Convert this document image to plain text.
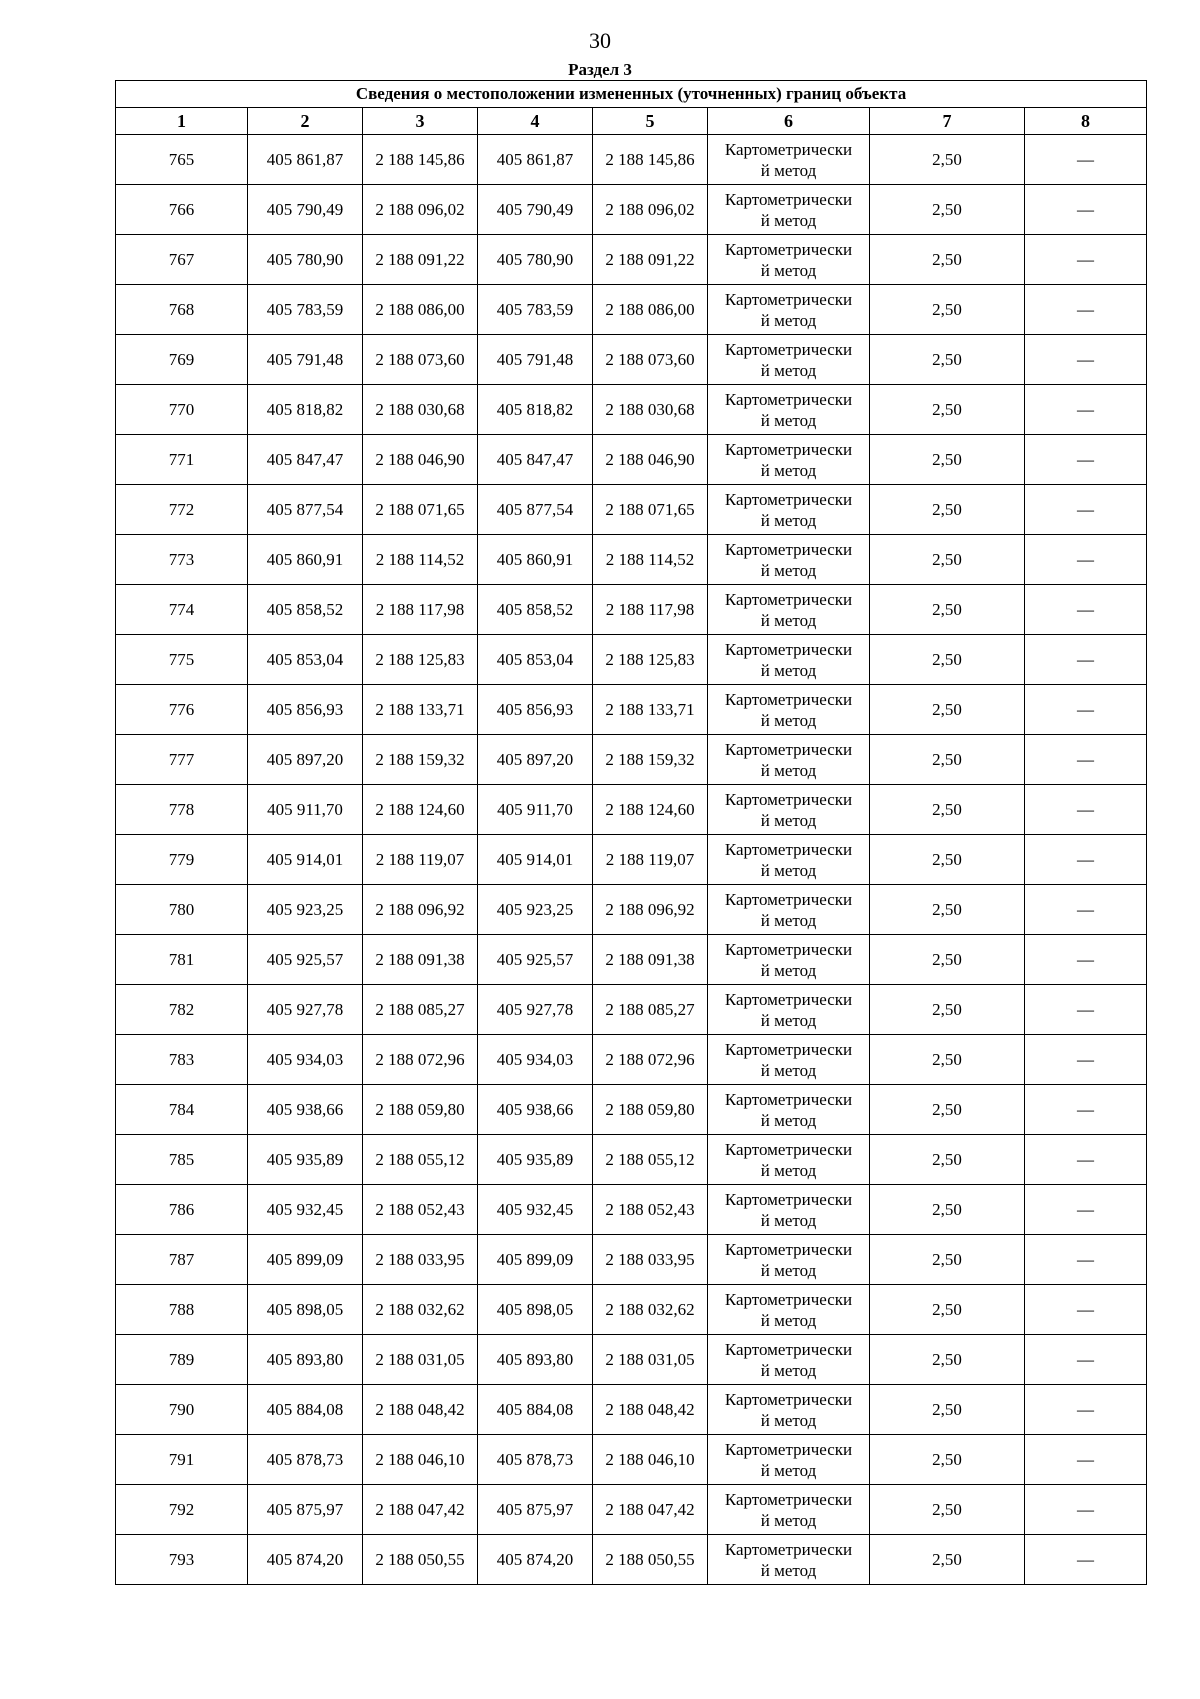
30
Раздел 3
Сведения о местоположении измененных (уточненных) границ объекта							
1	2	3	4	5	6	7	8
765	405 861,87	2 188 145,86	405 861,87	2 188 145,86	Картометрически
й метод	2,50	—
766	405 790,49	2 188 096,02	405 790,49	2 188 096,02	Картометрически
й метод	2,50	—
767	405 780,90	2 188 091,22	405 780,90	2 188 091,22	Картометрически
й метод	2,50	—
768	405 783,59	2 188 086,00	405 783,59	2 188 086,00	Картометрически
й метод	2,50	—
769	405 791,48	2 188 073,60	405 791,48	2 188 073,60	Картометрически
й метод	2,50	—
770	405 818,82	2 188 030,68	405 818,82	2 188 030,68	Картометрически
й метод	2,50	—
771	405 847,47	2 188 046,90	405 847,47	2 188 046,90	Картометрически
й метод	2,50	—
772	405 877,54	2 188 071,65	405 877,54	2 188 071,65	Картометрически
й метод	2,50	—
773	405 860,91	2 188 114,52	405 860,91	2 188 114,52	Картометрически
й метод	2,50	—
774	405 858,52	2 188 117,98	405 858,52	2 188 117,98	Картометрически
й метод	2,50	—
775	405 853,04	2 188 125,83	405 853,04	2 188 125,83	Картометрически
й метод	2,50	—
776	405 856,93	2 188 133,71	405 856,93	2 188 133,71	Картометрически
й метод	2,50	—
777	405 897,20	2 188 159,32	405 897,20	2 188 159,32	Картометрически
й метод	2,50	—
778	405 911,70	2 188 124,60	405 911,70	2 188 124,60	Картометрически
й метод	2,50	—
779	405 914,01	2 188 119,07	405 914,01	2 188 119,07	Картометрически
й метод	2,50	—
780	405 923,25	2 188 096,92	405 923,25	2 188 096,92	Картометрически
й метод	2,50	—
781	405 925,57	2 188 091,38	405 925,57	2 188 091,38	Картометрически
й метод	2,50	—
782	405 927,78	2 188 085,27	405 927,78	2 188 085,27	Картометрически
й метод	2,50	—
783	405 934,03	2 188 072,96	405 934,03	2 188 072,96	Картометрически
й метод	2,50	—
784	405 938,66	2 188 059,80	405 938,66	2 188 059,80	Картометрически
й метод	2,50	—
785	405 935,89	2 188 055,12	405 935,89	2 188 055,12	Картометрически
й метод	2,50	—
786	405 932,45	2 188 052,43	405 932,45	2 188 052,43	Картометрически
й метод	2,50	—
787	405 899,09	2 188 033,95	405 899,09	2 188 033,95	Картометрически
й метод	2,50	—
788	405 898,05	2 188 032,62	405 898,05	2 188 032,62	Картометрически
й метод	2,50	—
789	405 893,80	2 188 031,05	405 893,80	2 188 031,05	Картометрически
й метод	2,50	—
790	405 884,08	2 188 048,42	405 884,08	2 188 048,42	Картометрически
й метод	2,50	—
791	405 878,73	2 188 046,10	405 878,73	2 188 046,10	Картометрически
й метод	2,50	—
792	405 875,97	2 188 047,42	405 875,97	2 188 047,42	Картометрически
й метод	2,50	—
793	405 874,20	2 188 050,55	405 874,20	2 188 050,55	Картометрически
й метод	2,50	—
